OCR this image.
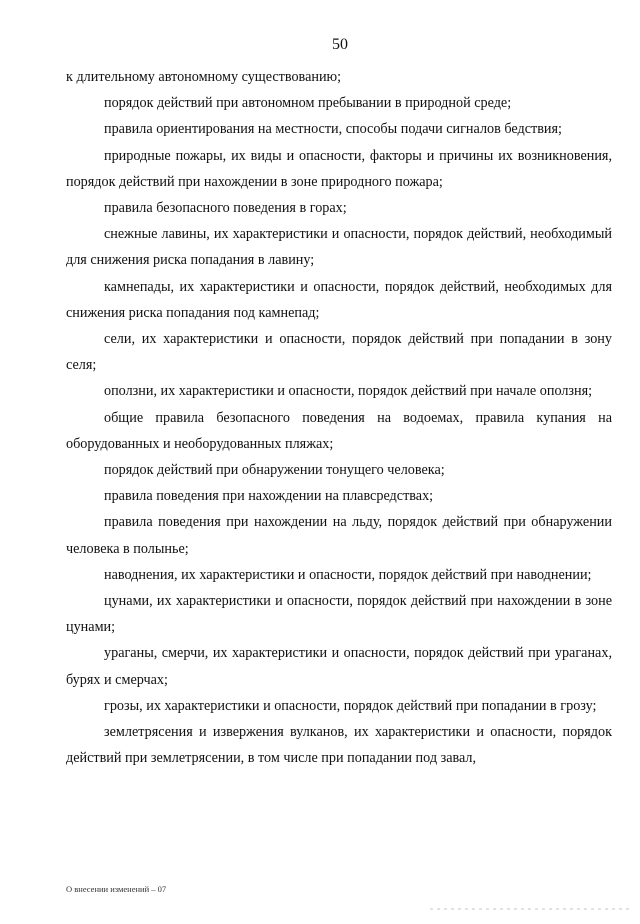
50

к длительному автономному существованию;

порядок действий при автономном пребывании в природной среде;

правила ориентирования на местности, способы подачи сигналов бедствия;

природные пожары, их виды и опасности, факторы и причины их возникновения, порядок действий при нахождении в зоне природного пожара;

правила безопасного поведения в горах;

снежные лавины, их характеристики и опасности, порядок действий, необходимый для снижения риска попадания в лавину;

камнепады, их характеристики и опасности, порядок действий, необходимых для снижения риска попадания под камнепад;

сели, их характеристики и опасности, порядок действий при попадании в зону селя;

оползни, их характеристики и опасности, порядок действий при начале оползня;

общие правила безопасного поведения на водоемах, правила купания на оборудованных и необорудованных пляжах;

порядок действий при обнаружении тонущего человека;

правила поведения при нахождении на плавсредствах;

правила поведения при нахождении на льду, порядок действий при обнаружении человека в полынье;

наводнения, их характеристики и опасности, порядок действий при наводнении;

цунами, их характеристики и опасности, порядок действий при нахождении в зоне цунами;

ураганы, смерчи, их характеристики и опасности, порядок действий при ураганах, бурях и смерчах;

грозы, их характеристики и опасности, порядок действий при попадании в грозу;

землетрясения и извержения вулканов, их характеристики и опасности, порядок действий при землетрясении, в том числе при попадании под завал,

О внесении изменений – 07
